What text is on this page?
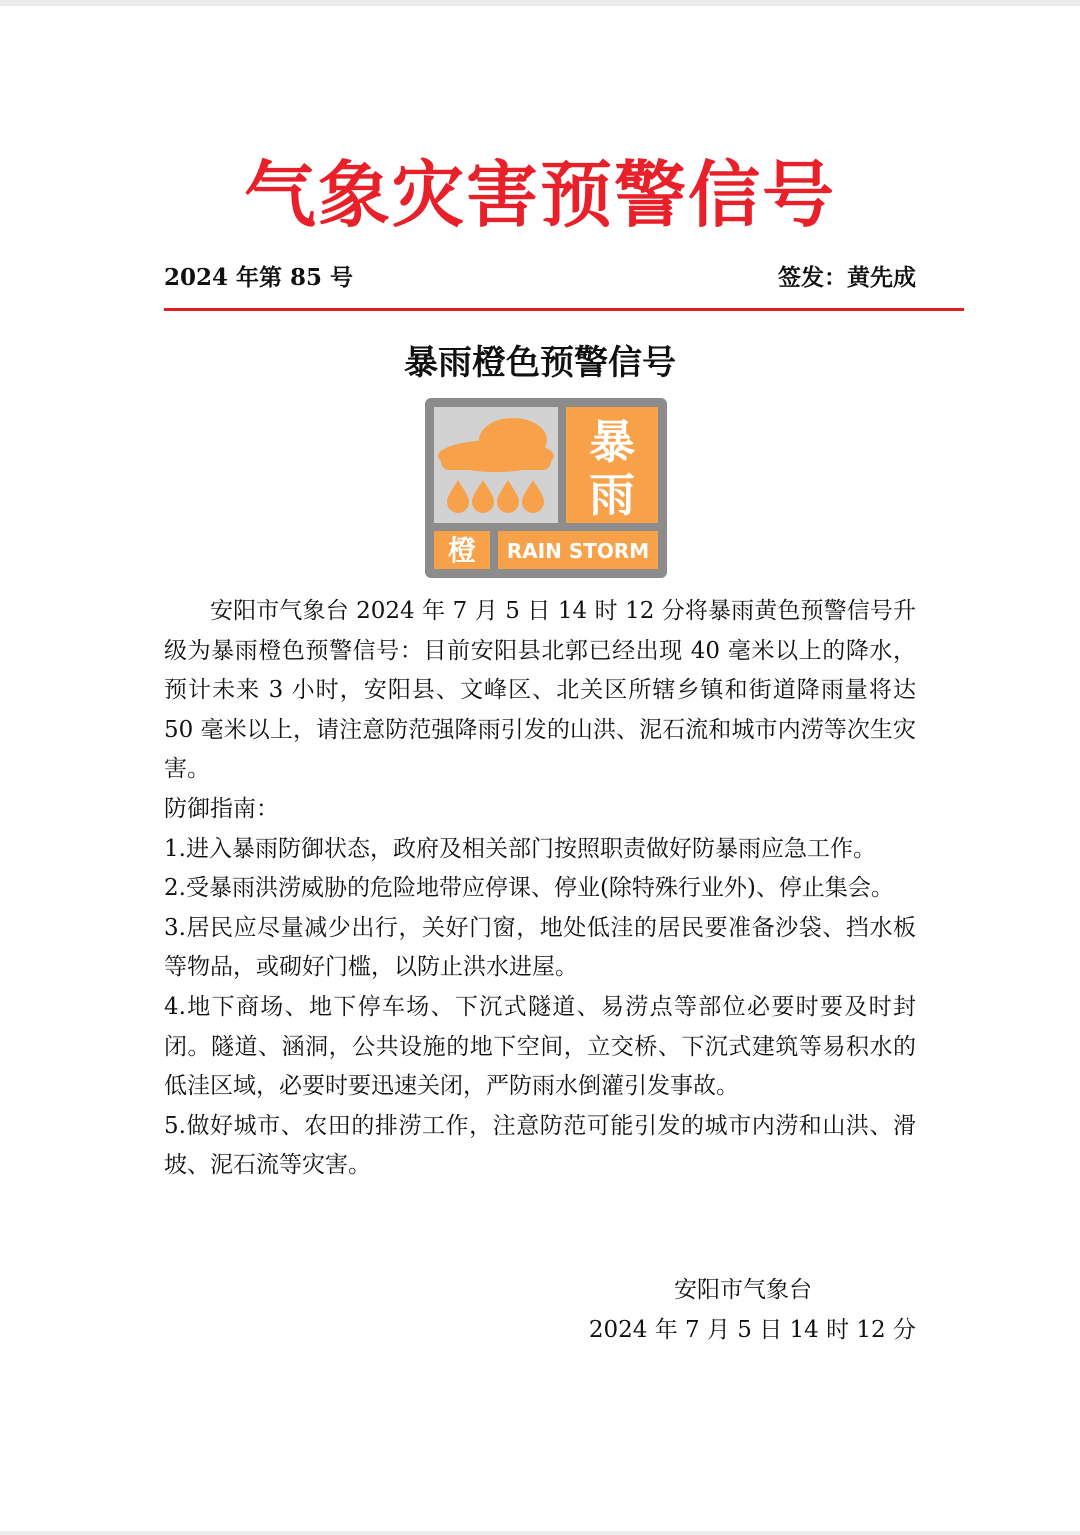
气象灾害预警信号
2024 年第 85 号	签发：黄先成
暴雨橙色预警信号
暴
雨
橙 RAIN STORM

安阳市气象台 2024 年 7 月 5 日 14 时 12 分将暴雨黄色预警信号升级为暴雨橙色预警信号：目前安阳县北郭已经出现 40 毫米以上的降水，预计未来 3 小时，安阳县、文峰区、北关区所辖乡镇和街道降雨量将达 50 毫米以上，请注意防范强降雨引发的山洪、泥石流和城市内涝等次生灾害。

防御指南：

1.进入暴雨防御状态，政府及相关部门按照职责做好防暴雨应急工作。

2.受暴雨洪涝威胁的危险地带应停课、停业(除特殊行业外)、停止集会。

3.居民应尽量减少出行，关好门窗，地处低洼的居民要准备沙袋、挡水板等物品，或砌好门槛，以防止洪水进屋。

4.地下商场、地下停车场、下沉式隧道、易涝点等部位必要时要及时封闭。隧道、涵洞，公共设施的地下空间，立交桥、下沉式建筑等易积水的低洼区域，必要时要迅速关闭，严防雨水倒灌引发事故。

5.做好城市、农田的排涝工作，注意防范可能引发的城市内涝和山洪、滑坡、泥石流等灾害。

安阳市气象台
2024 年 7 月 5 日 14 时 12 分
